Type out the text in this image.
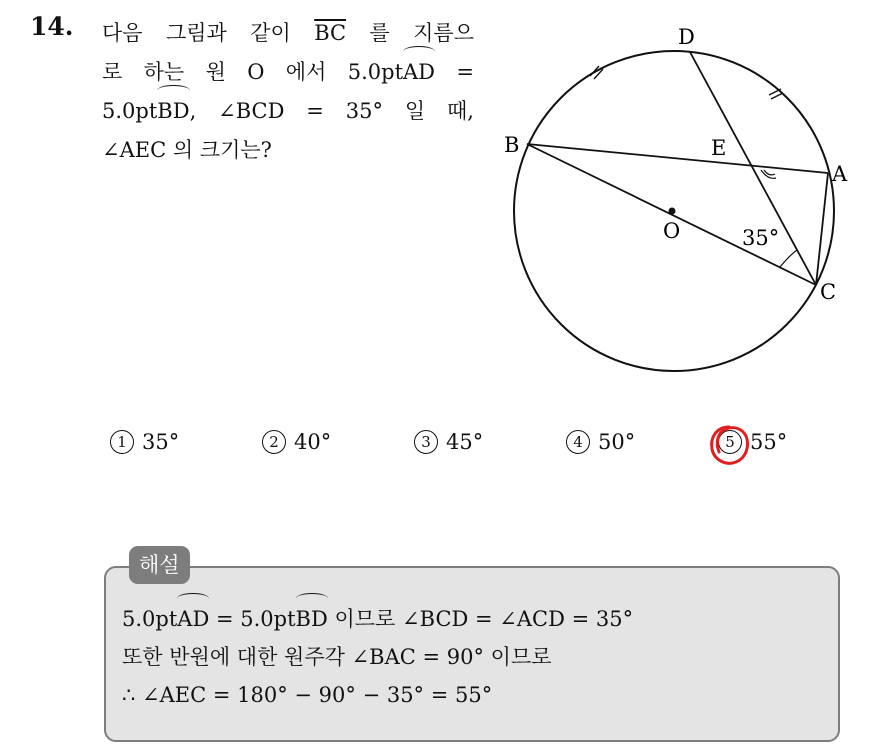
14. 다음 그림과 같이 $\overline{BC}$ 를 지름으
로 하는 원 O 에서 5.0ptAD =
5.0ptBD, ∠BCD = 35° 일 때,
∠AEC 의 크기는?
D
B	E
A
O
C
35°
1 35°	2 40°	3 45°	4 50°	5 55°
해설
5.0ptAD = 5.0ptBD 이므로 ∠BCD = ∠ACD = 35°
또한 반원에 대한 원주각 ∠BAC = 90° 이므로
∴ ∠AEC = 180° − 90° − 35° = 55°
